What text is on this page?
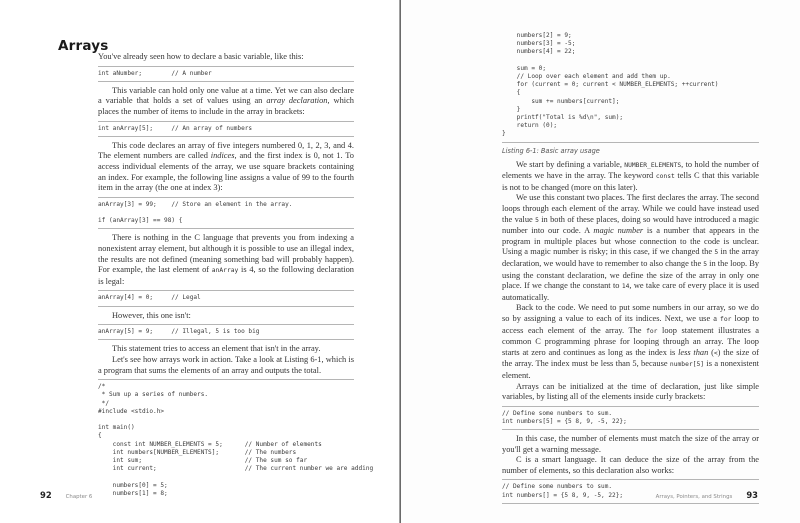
Arrays

You've already seen how to declare a basic variable, like this:

int aNumber;        // A number

This variable can hold only one value at a time. Yet we can also declare a variable that holds a set of values using an array declaration, which places the number of items to include in the array in brackets:

int anArray[5];     // An array of numbers

This code declares an array of five integers numbered 0, 1, 2, 3, and 4. The element numbers are called indices, and the first index is 0, not 1. To access individual elements of the array, we use square brackets containing an index. For example, the following line assigns a value of 99 to the fourth item in the array (the one at index 3):

anArray[3] = 99;    // Store an element in the array.
if (anArray[3] == 98) {

There is nothing in the C language that prevents you from indexing a nonexistent array element, but although it is possible to use an illegal index, the results are not defined (meaning something bad will probably happen). For example, the last element of anArray is 4, so the following declaration is legal:

anArray[4] = 0;     // Legal

However, this one isn't:

anArray[5] = 9;     // Illegal, 5 is too big

This statement tries to access an element that isn't in the array.

Let's see how arrays work in action. Take a look at Listing 6-1, which is a program that sums the elements of an array and outputs the total.

/*
* Sum up a series of numbers.
*/
#include <stdio.h>
int main()
{
const int NUMBER_ELEMENTS = 5;      // Number of elements
int numbers[NUMBER_ELEMENTS];       // The numbers
int sum;                            // The sum so far
int current;                        // The current number we are adding
numbers[0] = 5;
numbers[1] = 8;
92	Chapter 6
numbers[2] = 9;
numbers[3] = -5;
numbers[4] = 22;
sum = 0;
// Loop over each element and add them up.
for (current = 0; current < NUMBER_ELEMENTS; ++current)
{
sum += numbers[current];
}
printf("Total is %d\n", sum);
return (0);
}
Listing 6-1: Basic array usage

We start by defining a variable, NUMBER_ELEMENTS, to hold the number of elements we have in the array. The keyword const tells C that this variable is not to be changed (more on this later).

We use this constant two places. The first declares the array. The second loops through each element of the array. While we could have instead used the value 5 in both of these places, doing so would have introduced a magic number into our code. A magic number is a number that appears in the program in multiple places but whose connection to the code is unclear. Using a magic number is risky; in this case, if we changed the 5 in the array declaration, we would have to remember to also change the 5 in the loop. By using the constant declaration, we define the size of the array in only one place. If we change the constant to 14, we take care of every place it is used automatically.

Back to the code. We need to put some numbers in our array, so we do so by assigning a value to each of its indices. Next, we use a for loop to access each element of the array. The for loop statement illustrates a common C programming phrase for looping through an array. The loop starts at zero and continues as long as the index is less than (<) the size of the array. The index must be less than 5, because number[5] is a nonexistent element.

Arrays can be initialized at the time of declaration, just like simple variables, by listing all of the elements inside curly brackets:

// Define some numbers to sum.
int numbers[5] = {5 8, 9, -5, 22};

In this case, the number of elements must match the size of the array or you'll get a warning message.

C is a smart language. It can deduce the size of the array from the number of elements, so this declaration also works:

// Define some numbers to sum.
int numbers[] = {5 8, 9, -5, 22};	Arrays, Pointers, and Strings 93
